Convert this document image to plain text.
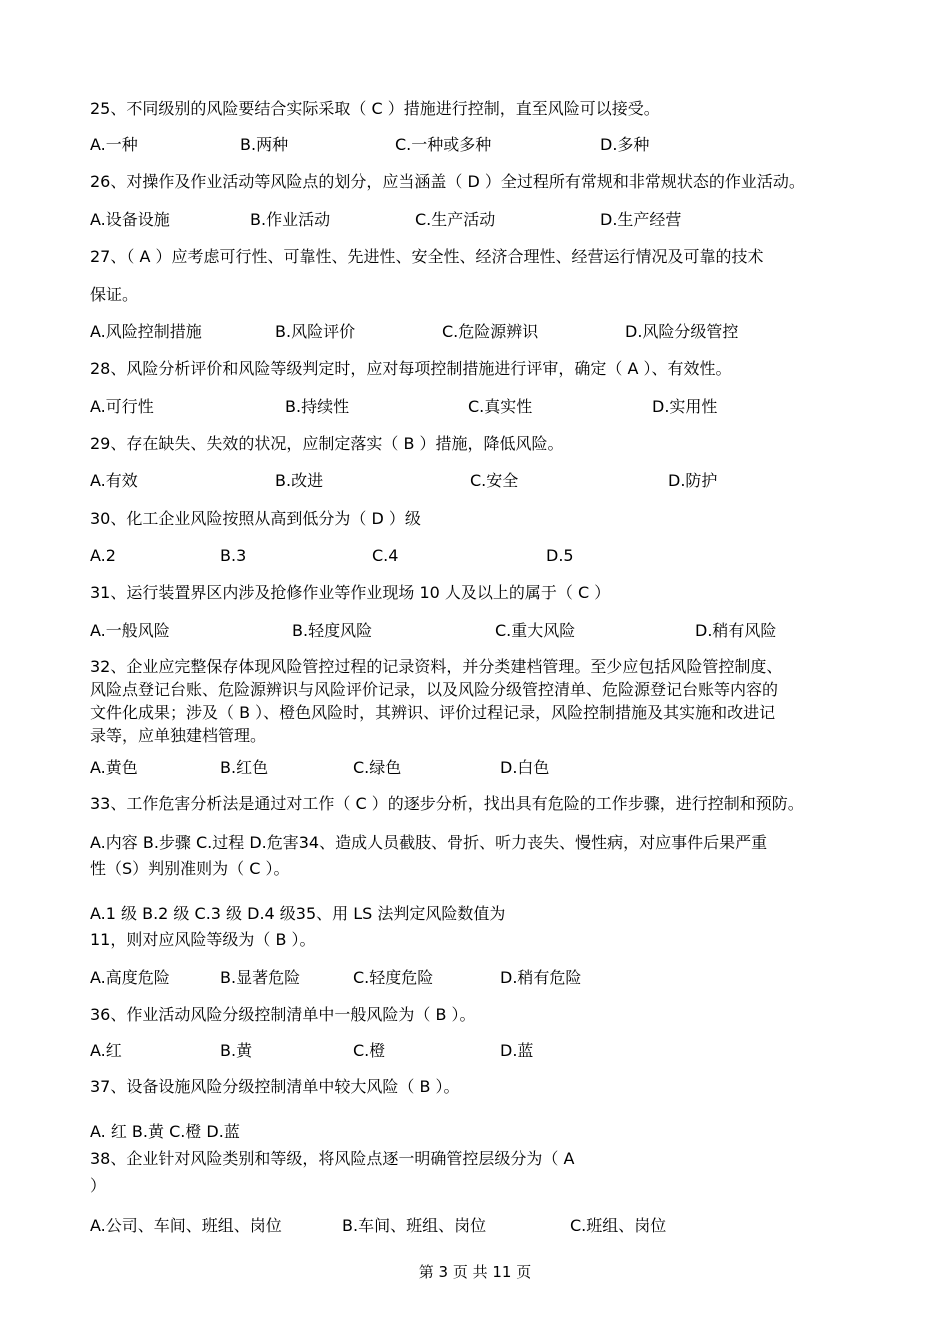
25、不同级别的风险要结合实际采取（ C ）措施进行控制，直至风险可以接受。
A.一种	B.两种	C.一种或多种	D.多种
26、对操作及作业活动等风险点的划分，应当涵盖（ D ）全过程所有常规和非常规状态的作业活动。
A.设备设施	B.作业活动	C.生产活动	D.生产经营
27、（ A ）应考虑可行性、可靠性、先进性、安全性、经济合理性、经营运行情况及可靠的技术
保证。
A.风险控制措施	B.风险评价	C.危险源辨识	D.风险分级管控
28、风险分析评价和风险等级判定时，应对每项控制措施进行评审，确定（ A ）、有效性。
A.可行性	B.持续性	C.真实性	D.实用性
29、存在缺失、失效的状况，应制定落实（ B ）措施，降低风险。
A.有效	B.改进	C.安全	D.防护
30、化工企业风险按照从高到低分为（ D ）级
A.2	B.3	C.4	D.5
31、运行装置界区内涉及抢修作业等作业现场 10 人及以上的属于（ C ）
A.一般风险	B.轻度风险	C.重大风险	D.稍有风险
32、企业应完整保存体现风险管控过程的记录资料，并分类建档管理。至少应包括风险管控制度、
风险点登记台账、危险源辨识与风险评价记录，以及风险分级管控清单、危险源登记台账等内容的
文件化成果；涉及（ B ）、橙色风险时，其辨识、评价过程记录，风险控制措施及其实施和改进记
录等，应单独建档管理。
A.黄色	B.红色	C.绿色	D.白色
33、工作危害分析法是通过对工作（ C ）的逐步分析，找出具有危险的工作步骤，进行控制和预防。
A.内容 B.步骤 C.过程 D.危害34、造成人员截肢、骨折、听力丧失、慢性病，对应事件后果严重
性（S）判别准则为（ C ）。
A.1 级 B.2 级 C.3 级 D.4 级35、用 LS 法判定风险数值为
11，则对应风险等级为（ B ）。
A.高度危险	B.显著危险	C.轻度危险	D.稍有危险
36、作业活动风险分级控制清单中一般风险为（ B ）。
A.红	B.黄	C.橙	D.蓝
37、设备设施风险分级控制清单中较大风险（ B ）。
A. 红 B.黄 C.橙 D.蓝
38、企业针对风险类别和等级，将风险点逐一明确管控层级分为（ A
）
A.公司、车间、班组、岗位	B.车间、班组、岗位	C.班组、岗位
第 3 页 共 11 页
